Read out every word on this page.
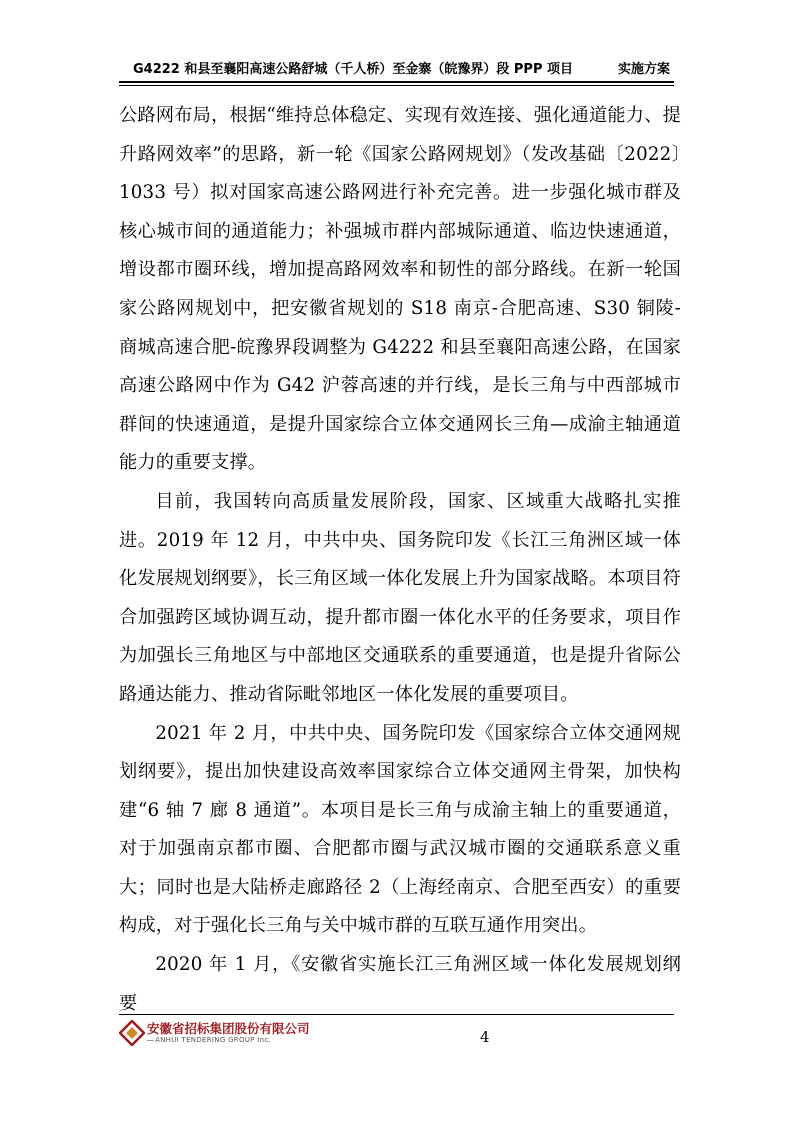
G4222 和县至襄阳高速公路舒城（千人桥）至金寨（皖豫界）段 PPP 项目	实施方案

公路网布局，根据“维持总体稳定、实现有效连接、强化通道能力、提升路网效率”的思路，新一轮《国家公路网规划》（发改基础〔2022〕1033 号）拟对国家高速公路网进行补充完善。进一步强化城市群及核心城市间的通道能力；补强城市群内部城际通道、临边快速通道，增设都市圈环线，增加提高路网效率和韧性的部分路线。在新一轮国家公路网规划中，把安徽省规划的 S18 南京-合肥高速、S30 铜陵-商城高速合肥-皖豫界段调整为 G4222 和县至襄阳高速公路，在国家高速公路网中作为 G42 沪蓉高速的并行线，是长三角与中西部城市群间的快速通道，是提升国家综合立体交通网长三角—成渝主轴通道能力的重要支撑。

目前，我国转向高质量发展阶段，国家、区域重大战略扎实推进。2019 年 12 月，中共中央、国务院印发《长江三角洲区域一体化发展规划纲要》，长三角区域一体化发展上升为国家战略。本项目符合加强跨区域协调互动，提升都市圈一体化水平的任务要求，项目作为加强长三角地区与中部地区交通联系的重要通道，也是提升省际公路通达能力、推动省际毗邻地区一体化发展的重要项目。

2021 年 2 月，中共中央、国务院印发《国家综合立体交通网规划纲要》，提出加快建设高效率国家综合立体交通网主骨架，加快构建“6 轴 7 廊 8 通道”。本项目是长三角与成渝主轴上的重要通道，对于加强南京都市圈、合肥都市圈与武汉城市圈的交通联系意义重大；同时也是大陆桥走廊路径 2（上海经南京、合肥至西安）的重要构成，对于强化长三角与关中城市群的互联互通作用突出。

2020 年 1 月，《安徽省实施长江三角洲区域一体化发展规划纲要

安徽省招标集团股份有限公司
ANHUI TENDERING GROUP Inc.	4
